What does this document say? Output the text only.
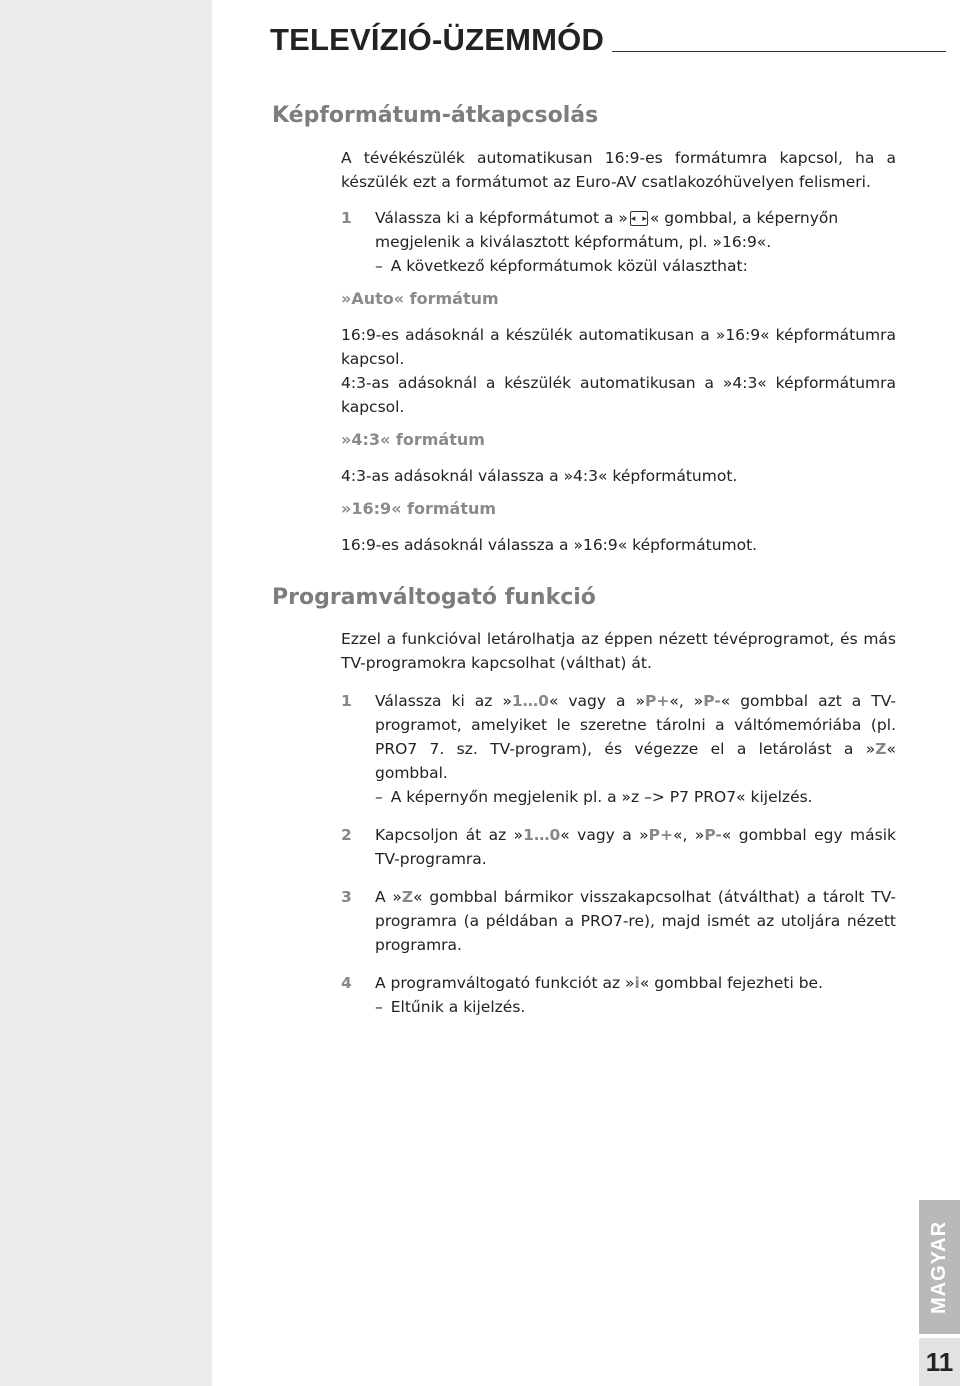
TELEVÍZIÓ-ÜZEMMÓD
Képformátum-átkapcsolás

A tévékészülék automatikusan 16:9-es formátumra kapcsol, ha a készülék ezt a formátumot az Euro-AV csatlakozóhüvelyen felismeri.

1 Válassza ki a képformátumot a »◂ ▸ « gombbal, a képernyőn megjelenik a kiválasztott képformátum, pl. »16:9«.

– A következő képformátumok közül választhat:

»Auto« formátum

16:9-es adásoknál a készülék automatikusan a »16:9« képformátumra kapcsol.

4:3-as adásoknál a készülék automatikusan a »4:3« képformátumra kapcsol.

»4:3« formátum

4:3-as adásoknál válassza a »4:3« képformátumot.

»16:9« formátum

16:9-es adásoknál válassza a »16:9« képformátumot.

Programváltogató funkció

Ezzel a funkcióval letárolhatja az éppen nézett tévéprogramot, és más TV-programokra kapcsolhat (válthat) át.

1 Válassza ki az »1…0« vagy a »P+«, »P-« gombbal azt a TV-programot, amelyiket le szeretne tárolni a váltómemóriába (pl. PRO7 7. sz. TV-program), és végezze el a letárolást a »Z« gombbal.

– A képernyőn megjelenik pl. a »z –> P7 PRO7« kijelzés.

2 Kapcsoljon át az »1…0« vagy a »P+«, »P-« gombbal egy másik TV-programra.

3 A »Z« gombbal bármikor visszakapcsolhat (átválthat) a tárolt TV-programra (a példában a PRO7-re), majd ismét az utoljára nézett programra.

4 A programváltogató funkciót az »i« gombbal fejezheti be.

– Eltűnik a kijelzés.

MAGYAR
11
